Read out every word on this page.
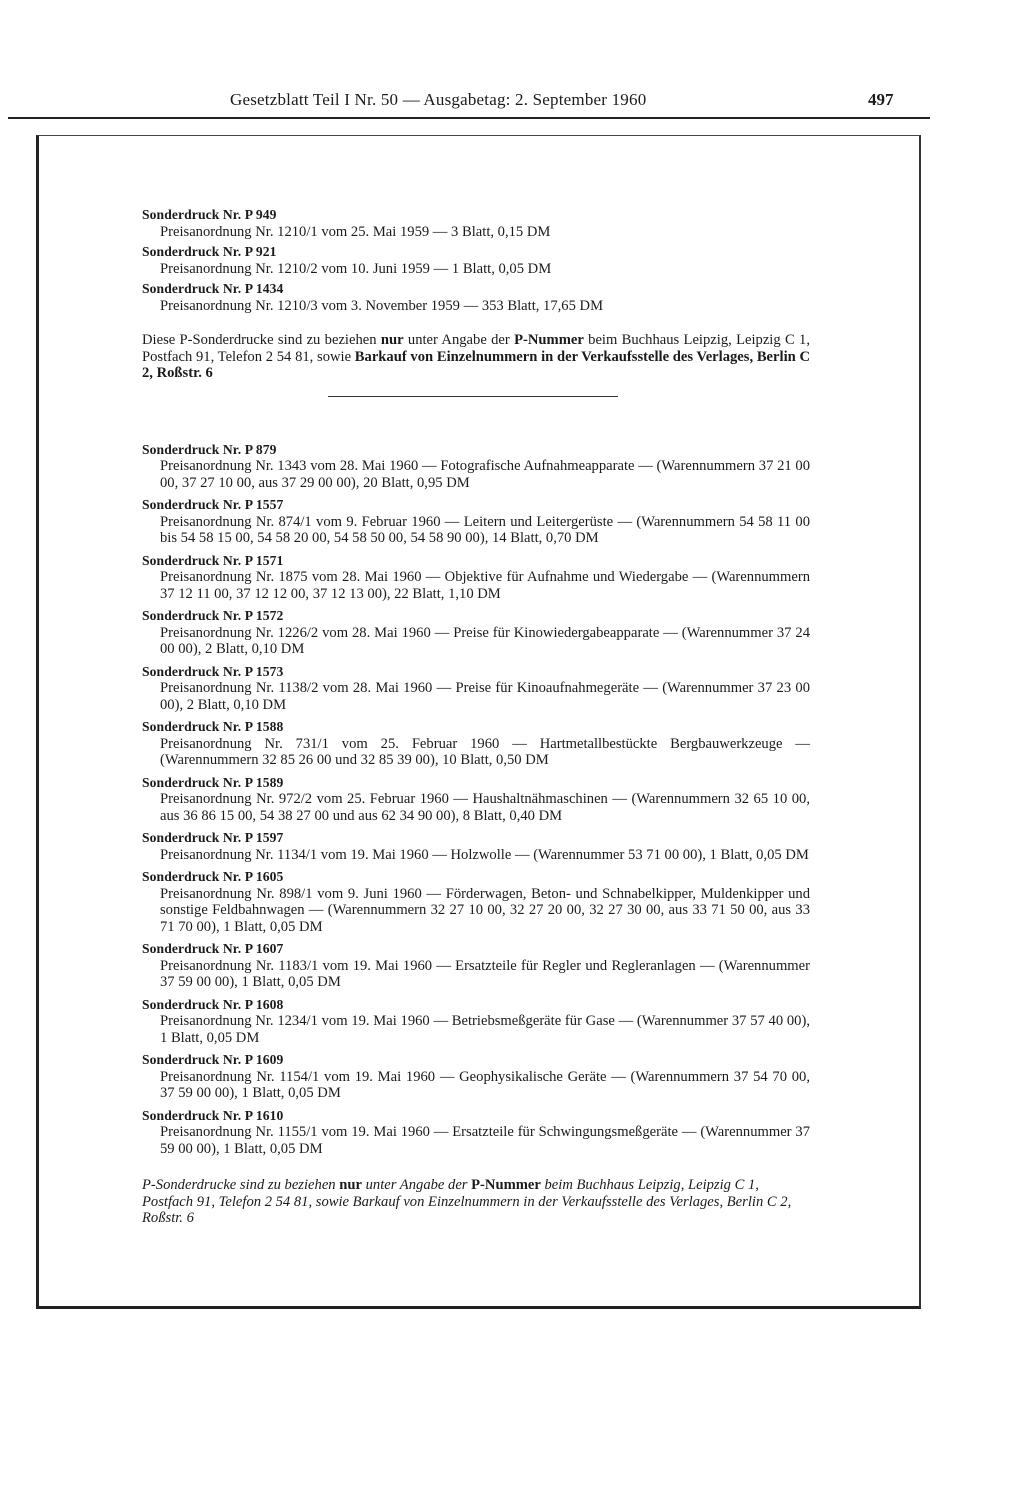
Gesetzblatt Teil I Nr. 50 — Ausgabetag: 2. September 1960	497
Sonderdruck Nr. P 949
Preisanordnung Nr. 1210/1 vom 25. Mai 1959 — 3 Blatt, 0,15 DM
Sonderdruck Nr. P 921
Preisanordnung Nr. 1210/2 vom 10. Juni 1959 — 1 Blatt, 0,05 DM
Sonderdruck Nr. P 1434
Preisanordnung Nr. 1210/3 vom 3. November 1959 — 353 Blatt, 17,65 DM
Diese P-Sonderdrucke sind zu beziehen nur unter Angabe der P-Nummer beim Buchhaus Leipzig, Leipzig C 1, Postfach 91, Telefon 2 54 81, sowie Barkauf von Einzelnummern in der Verkaufsstelle des Verlages, Berlin C 2, Roßstr. 6
Sonderdruck Nr. P 879
Preisanordnung Nr. 1343 vom 28. Mai 1960 — Fotografische Aufnahmeapparate — (Warennummern 37 21 00 00, 37 27 10 00, aus 37 29 00 00), 20 Blatt, 0,95 DM
Sonderdruck Nr. P 1557
Preisanordnung Nr. 874/1 vom 9. Februar 1960 — Leitern und Leitergerüste — (Warennummern 54 58 11 00 bis 54 58 15 00, 54 58 20 00, 54 58 50 00, 54 58 90 00), 14 Blatt, 0,70 DM
Sonderdruck Nr. P 1571
Preisanordnung Nr. 1875 vom 28. Mai 1960 — Objektive für Aufnahme und Wiedergabe — (Warennummern 37 12 11 00, 37 12 12 00, 37 12 13 00), 22 Blatt, 1,10 DM
Sonderdruck Nr. P 1572
Preisanordnung Nr. 1226/2 vom 28. Mai 1960 — Preise für Kinowiedergabeapparate — (Warennummer 37 24 00 00), 2 Blatt, 0,10 DM
Sonderdruck Nr. P 1573
Preisanordnung Nr. 1138/2 vom 28. Mai 1960 — Preise für Kinoaufnahmegeräte — (Warennummer 37 23 00 00), 2 Blatt, 0,10 DM
Sonderdruck Nr. P 1588
Preisanordnung Nr. 731/1 vom 25. Februar 1960 — Hartmetallbestückte Bergbauwerkzeuge — (Warennummern 32 85 26 00 und 32 85 39 00), 10 Blatt, 0,50 DM
Sonderdruck Nr. P 1589
Preisanordnung Nr. 972/2 vom 25. Februar 1960 — Haushaltnähmaschinen — (Warennummern 32 65 10 00, aus 36 86 15 00, 54 38 27 00 und aus 62 34 90 00), 8 Blatt, 0,40 DM
Sonderdruck Nr. P 1597
Preisanordnung Nr. 1134/1 vom 19. Mai 1960 — Holzwolle — (Warennummer 53 71 00 00), 1 Blatt, 0,05 DM
Sonderdruck Nr. P 1605
Preisanordnung Nr. 898/1 vom 9. Juni 1960 — Förderwagen, Beton- und Schnabelkipper, Muldenkipper und sonstige Feldbahnwagen — (Warennummern 32 27 10 00, 32 27 20 00, 32 27 30 00, aus 33 71 50 00, aus 33 71 70 00), 1 Blatt, 0,05 DM
Sonderdruck Nr. P 1607
Preisanordnung Nr. 1183/1 vom 19. Mai 1960 — Ersatzteile für Regler und Regleranlagen — (Warennummer 37 59 00 00), 1 Blatt, 0,05 DM
Sonderdruck Nr. P 1608
Preisanordnung Nr. 1234/1 vom 19. Mai 1960 — Betriebsmeßgeräte für Gase — (Warennummer 37 57 40 00), 1 Blatt, 0,05 DM
Sonderdruck Nr. P 1609
Preisanordnung Nr. 1154/1 vom 19. Mai 1960 — Geophysikalische Geräte — (Warennummern 37 54 70 00, 37 59 00 00), 1 Blatt, 0,05 DM
Sonderdruck Nr. P 1610
Preisanordnung Nr. 1155/1 vom 19. Mai 1960 — Ersatzteile für Schwingungsmeßgeräte — (Warennummer 37 59 00 00), 1 Blatt, 0,05 DM
P-Sonderdrucke sind zu beziehen nur unter Angabe der P-Nummer beim Buchhaus Leipzig, Leipzig C 1, Postfach 91, Telefon 2 54 81, sowie Barkauf von Einzelnummern in der Verkaufsstelle des Verlages, Berlin C 2, Roßstr. 6
